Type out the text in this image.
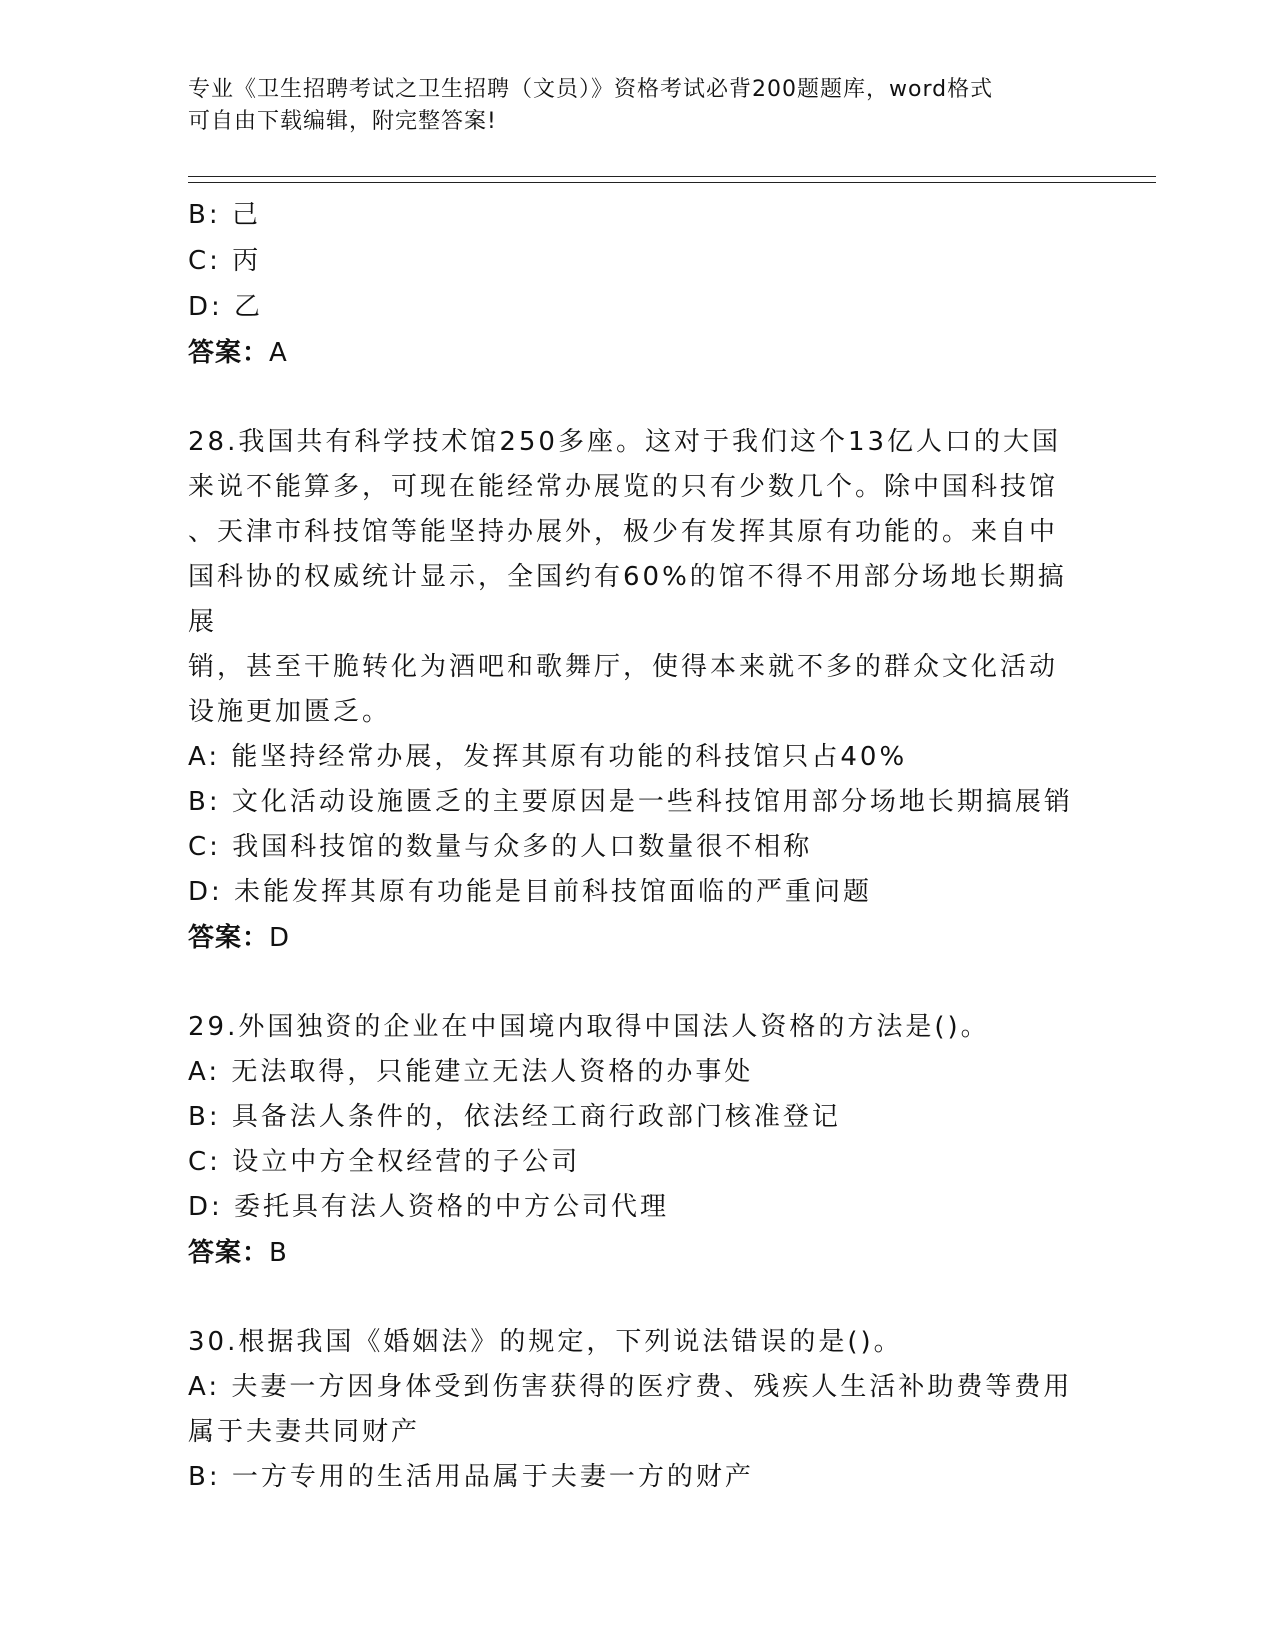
专业《卫生招聘考试之卫生招聘（文员）》资格考试必背200题题库，word格式
可自由下载编辑，附完整答案!
B: 己
C: 丙
D: 乙
答案：A
28.我国共有科学技术馆250多座。这对于我们这个13亿人口的大国
来说不能算多，可现在能经常办展览的只有少数几个。除中国科技馆
、天津市科技馆等能坚持办展外，极少有发挥其原有功能的。来自中
国科协的权威统计显示，全国约有60%的馆不得不用部分场地长期搞展
销，甚至干脆转化为酒吧和歌舞厅，使得本来就不多的群众文化活动
设施更加匮乏。
A: 能坚持经常办展，发挥其原有功能的科技馆只占40%
B: 文化活动设施匮乏的主要原因是一些科技馆用部分场地长期搞展销
C: 我国科技馆的数量与众多的人口数量很不相称
D: 未能发挥其原有功能是目前科技馆面临的严重问题
答案：D
29.外国独资的企业在中国境内取得中国法人资格的方法是()。
A: 无法取得，只能建立无法人资格的办事处
B: 具备法人条件的，依法经工商行政部门核准登记
C: 设立中方全权经营的子公司
D: 委托具有法人资格的中方公司代理
答案：B
30.根据我国《婚姻法》的规定，下列说法错误的是()。
A: 夫妻一方因身体受到伤害获得的医疗费、残疾人生活补助费等费用
属于夫妻共同财产
B: 一方专用的生活用品属于夫妻一方的财产
